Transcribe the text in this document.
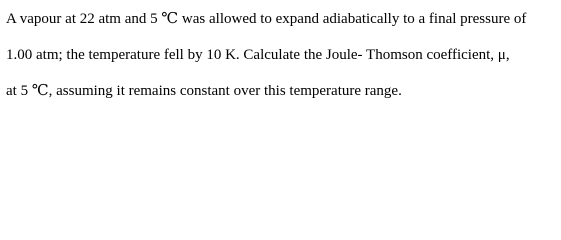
A vapour at 22 atm and 5 ℃ was allowed to expand adiabatically to a final pressure of
1.00 atm; the temperature fell by 10 K. Calculate the Joule- Thomson coefficient, μ,
at 5 ℃, assuming it remains constant over this temperature range.
